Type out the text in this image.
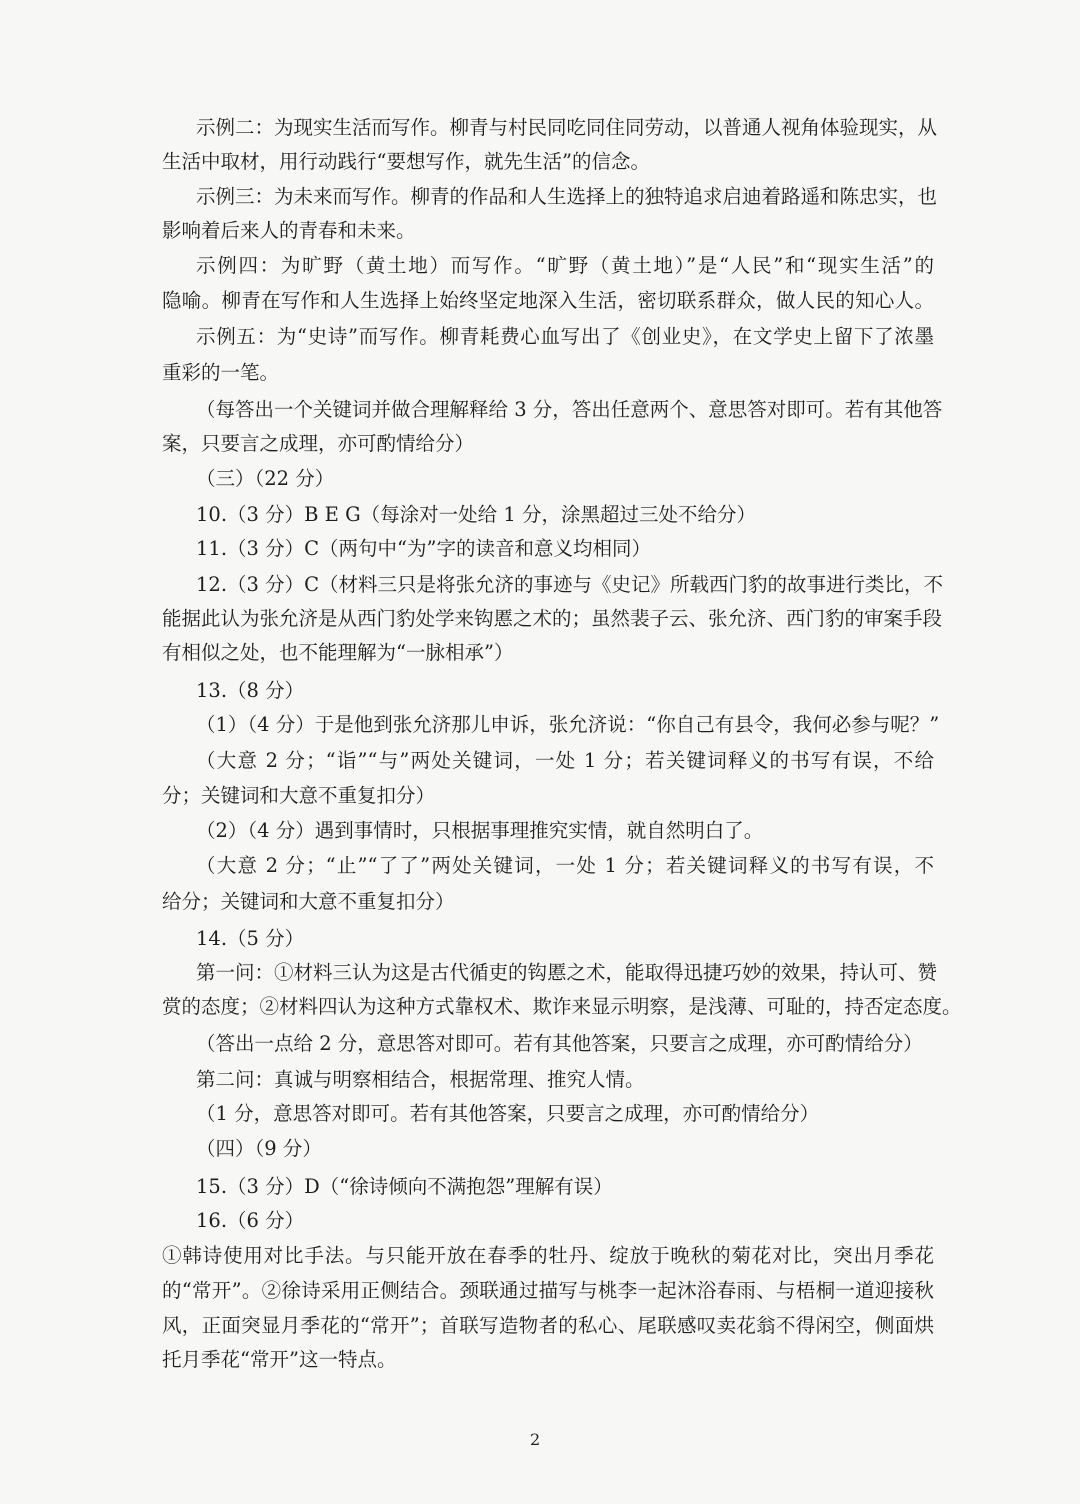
示例二：为现实生活而写作。柳青与村民同吃同住同劳动，以普通人视角体验现实，从
生活中取材，用行动践行“要想写作，就先生活”的信念。
示例三：为未来而写作。柳青的作品和人生选择上的独特追求启迪着路遥和陈忠实，也
影响着后来人的青春和未来。
示例四：为旷野（黄土地）而写作。“旷野（黄土地）”是“人民”和“现实生活”的
隐喻。柳青在写作和人生选择上始终坚定地深入生活，密切联系群众，做人民的知心人。
示例五：为“史诗”而写作。柳青耗费心血写出了《创业史》，在文学史上留下了浓墨
重彩的一笔。
（每答出一个关键词并做合理解释给 3 分，答出任意两个、意思答对即可。若有其他答
案，只要言之成理，亦可酌情给分）
（三）（22 分）
10.（3 分）B E G（每涂对一处给 1 分，涂黑超过三处不给分）
11.（3 分）C（两句中“为”字的读音和意义均相同）
12.（3 分）C（材料三只是将张允济的事迹与《史记》所载西门豹的故事进行类比，不
能据此认为张允济是从西门豹处学来钩慝之术的；虽然裴子云、张允济、西门豹的审案手段
有相似之处，也不能理解为“一脉相承”）
13.（8 分）
（1）（4 分）于是他到张允济那儿申诉，张允济说：“你自己有县令，我何必参与呢？”
（大意 2 分；“诣”“与”两处关键词，一处 1 分；若关键词释义的书写有误，不给
分；关键词和大意不重复扣分）
（2）（4 分）遇到事情时，只根据事理推究实情，就自然明白了。
（大意 2 分；“止”“了了”两处关键词，一处 1 分；若关键词释义的书写有误，不
给分；关键词和大意不重复扣分）
14.（5 分）
第一问：①材料三认为这是古代循吏的钩慝之术，能取得迅捷巧妙的效果，持认可、赞
赏的态度；②材料四认为这种方式靠权术、欺诈来显示明察，是浅薄、可耻的，持否定态度。
（答出一点给 2 分，意思答对即可。若有其他答案，只要言之成理，亦可酌情给分）
第二问：真诚与明察相结合，根据常理、推究人情。
（1 分，意思答对即可。若有其他答案，只要言之成理，亦可酌情给分）
（四）（9 分）
15.（3 分）D（“徐诗倾向不满抱怨”理解有误）
16.（6 分）
①韩诗使用对比手法。与只能开放在春季的牡丹、绽放于晚秋的菊花对比，突出月季花
的“常开”。②徐诗采用正侧结合。颈联通过描写与桃李一起沐浴春雨、与梧桐一道迎接秋
风，正面突显月季花的“常开”；首联写造物者的私心、尾联感叹卖花翁不得闲空，侧面烘
托月季花“常开”这一特点。
2
